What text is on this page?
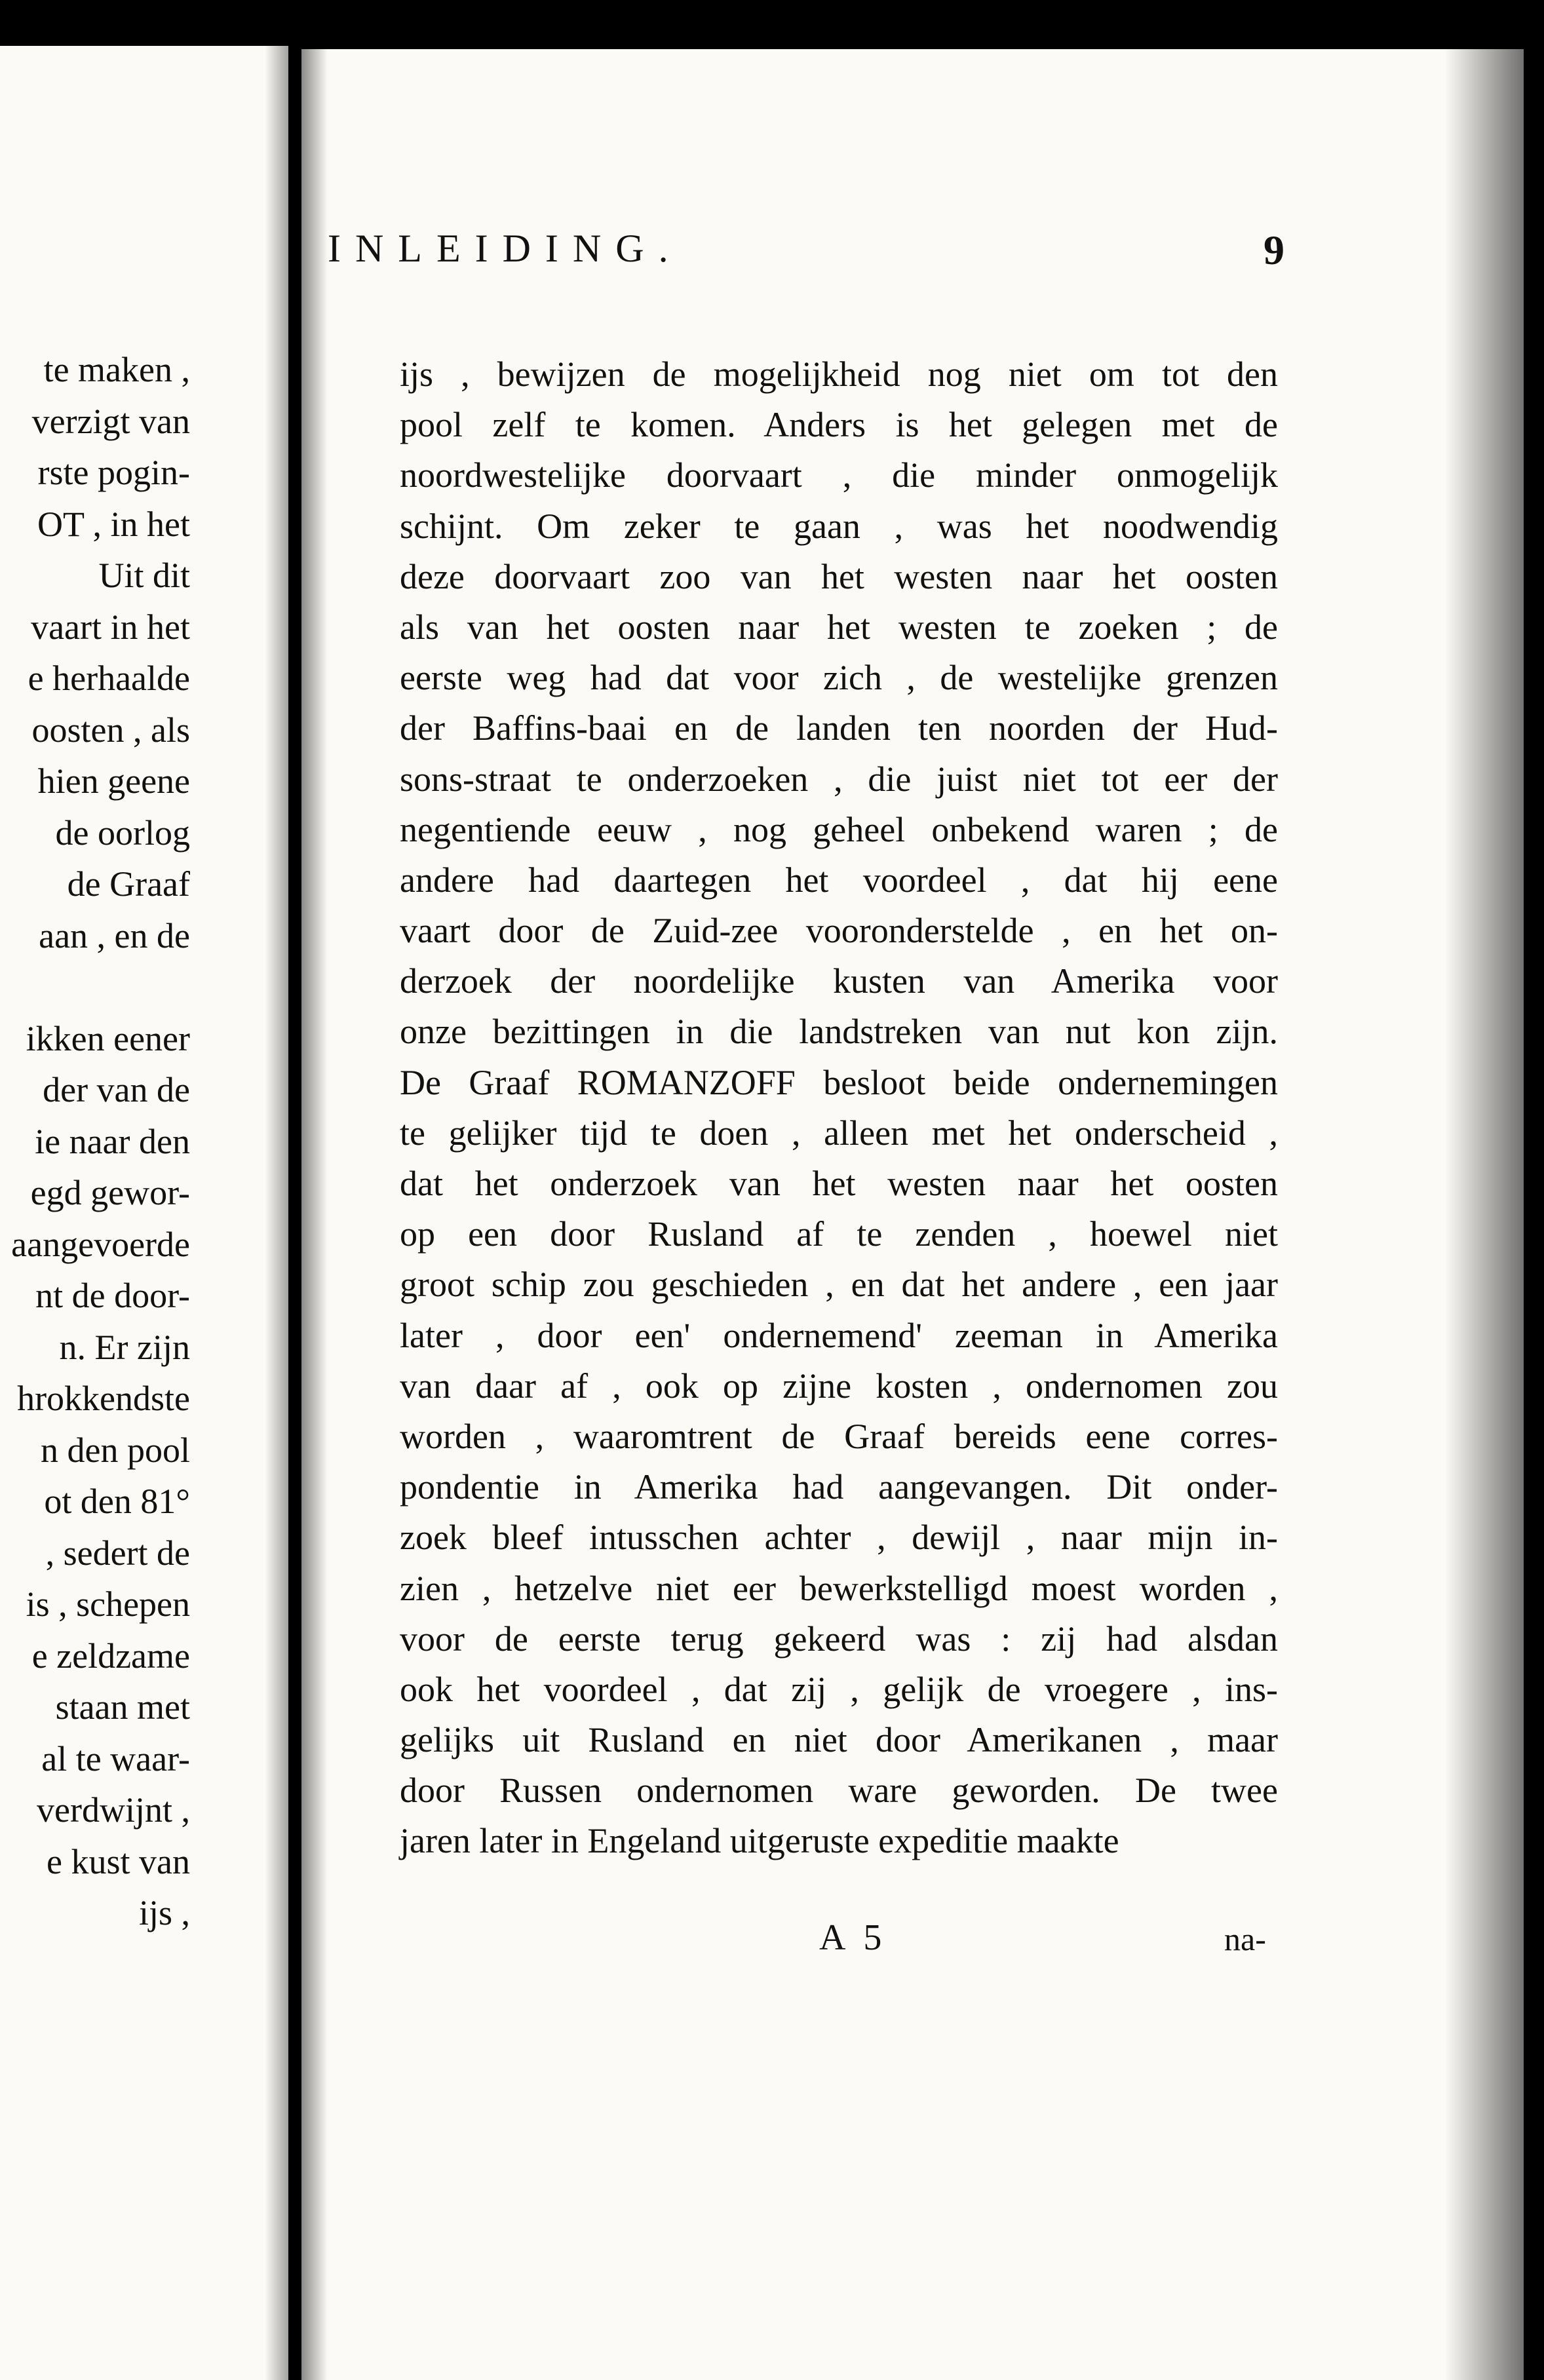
te maken ,
verzigt van
rste pogin-
OT , in het
Uit dit
vaart in het
e herhaalde
oosten , als
hien geene
de oorlog
de Graaf
aan , en de
ikken eener
der van de
ie naar den
egd gewor-
aangevoerde
nt de door-
n. Er zijn
hrokkendste
n den pool
ot den 81°
, sedert de
is , schepen
e zeldzame
staan met
al te waar-
verdwijnt ,
e kust van
ijs ,
INLEIDING.	9
ijs , bewijzen de mogelijkheid nog niet om tot den
pool zelf te komen. Anders is het gelegen met de
noordwestelijke doorvaart , die minder onmogelijk
schijnt. Om zeker te gaan , was het noodwendig
deze doorvaart zoo van het westen naar het oosten
als van het oosten naar het westen te zoeken ; de
eerste weg had dat voor zich , de westelijke grenzen
der Baffins-baai en de landen ten noorden der Hud-
sons-straat te onderzoeken , die juist niet tot eer der
negentiende eeuw , nog geheel onbekend waren ; de
andere had daartegen het voordeel , dat hij eene
vaart door de Zuid-zee vooronderstelde , en het on-
derzoek der noordelijke kusten van Amerika voor
onze bezittingen in die landstreken van nut kon zijn.
De Graaf ROMANZOFF besloot beide ondernemingen
te gelijker tijd te doen , alleen met het onderscheid ,
dat het onderzoek van het westen naar het oosten
op een door Rusland af te zenden , hoewel niet
groot schip zou geschieden , en dat het andere , een jaar
later , door een' ondernemend' zeeman in Amerika
van daar af , ook op zijne kosten , ondernomen zou
worden , waaromtrent de Graaf bereids eene corres-
pondentie in Amerika had aangevangen. Dit onder-
zoek bleef intusschen achter , dewijl , naar mijn in-
zien , hetzelve niet eer bewerkstelligd moest worden ,
voor de eerste terug gekeerd was : zij had alsdan
ook het voordeel , dat zij , gelijk de vroegere , ins-
gelijks uit Rusland en niet door Amerikanen , maar
door Russen ondernomen ware geworden. De twee
jaren later in Engeland uitgeruste expeditie maakte
A 5	na-
